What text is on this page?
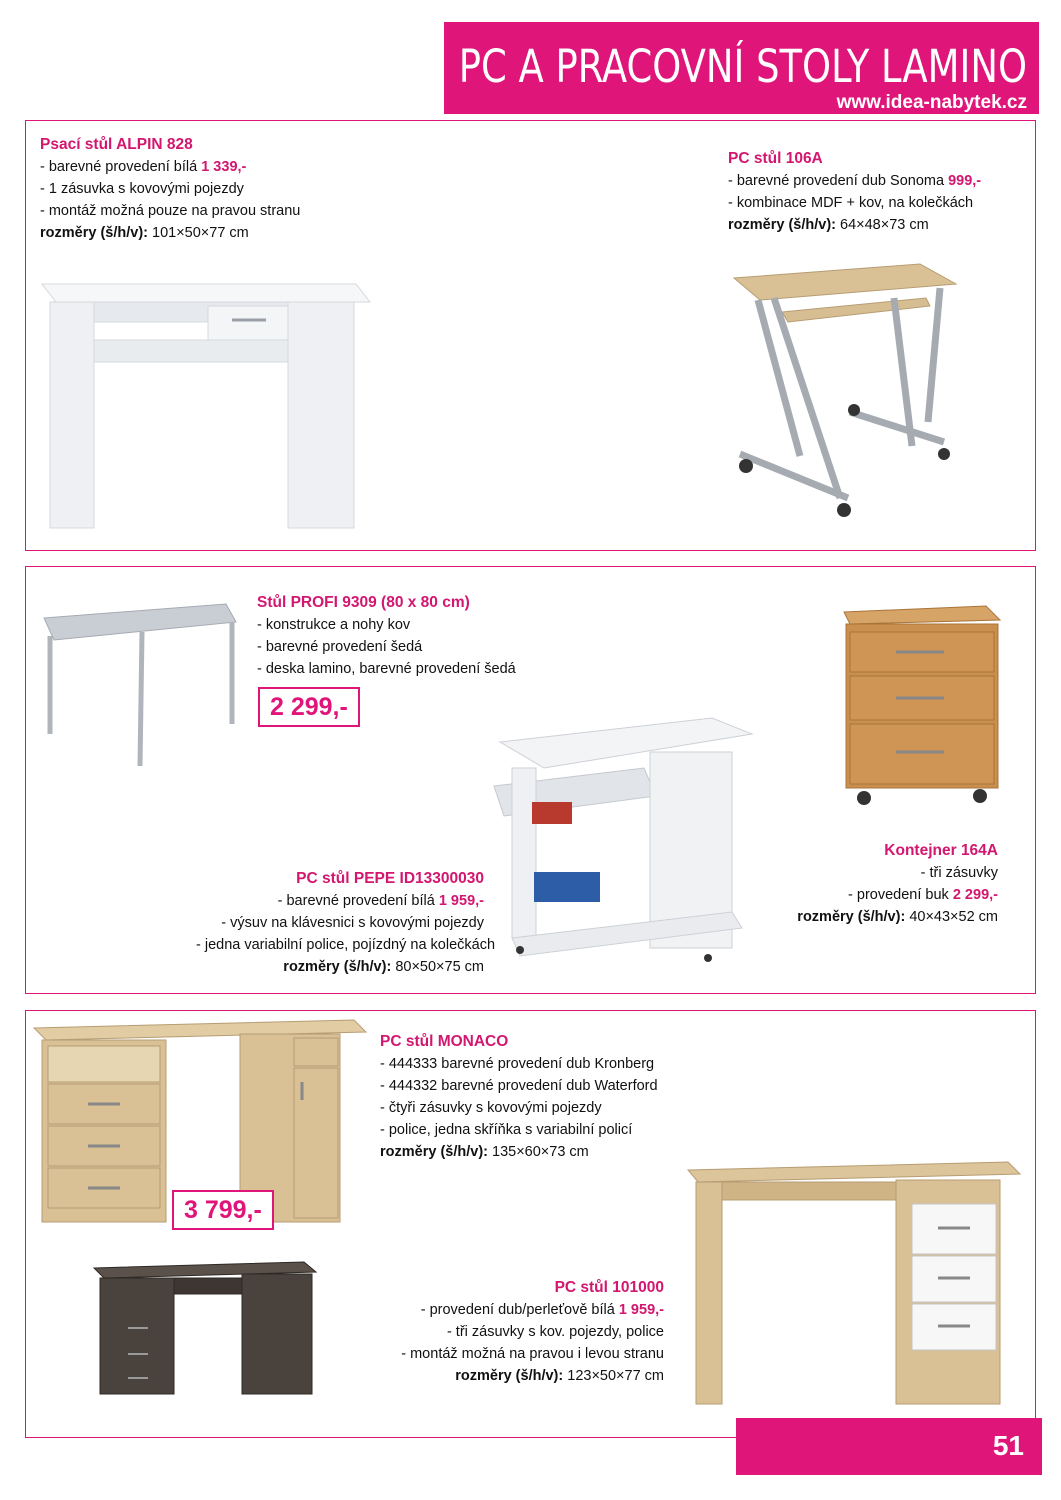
PC A PRACOVNÍ STOLY LAMINO
www.idea-nabytek.cz
Psací stůl ALPIN 828
- barevné provedení bílá 1 339,-
- 1 zásuvka s kovovými pojezdy
- montáž možná pouze na pravou stranu
rozměry (š/h/v): 101×50×77 cm
PC stůl 106A
- barevné provedení dub Sonoma 999,-
- kombinace MDF + kov, na kolečkách
rozměry (š/h/v): 64×48×73 cm
Stůl PROFI 9309 (80 x 80 cm)
- konstrukce a nohy kov
- barevné provedení šedá
- deska lamino, barevné provedení šedá
2 299,-
PC stůl PEPE ID13300030
- barevné provedení bílá 1 959,-
- výsuv na klávesnici s kovovými pojezdy
- jedna variabilní police, pojízdný na kolečkách
rozměry (š/h/v): 80×50×75 cm
Kontejner 164A
- tři zásuvky
- provedení buk 2 299,-
rozměry (š/h/v): 40×43×52 cm
3 799,-
PC stůl MONACO
- 444333 barevné provedení dub Kronberg
- 444332 barevné provedení dub Waterford
- čtyři zásuvky s kovovými pojezdy
- police, jedna skříňka s variabilní policí
rozměry (š/h/v): 135×60×73 cm
PC stůl 101000
- provedení dub/perleťově bílá 1 959,-
- tři zásuvky s kov. pojezdy, police
- montáž možná na pravou i levou stranu
rozměry (š/h/v): 123×50×77 cm
51
